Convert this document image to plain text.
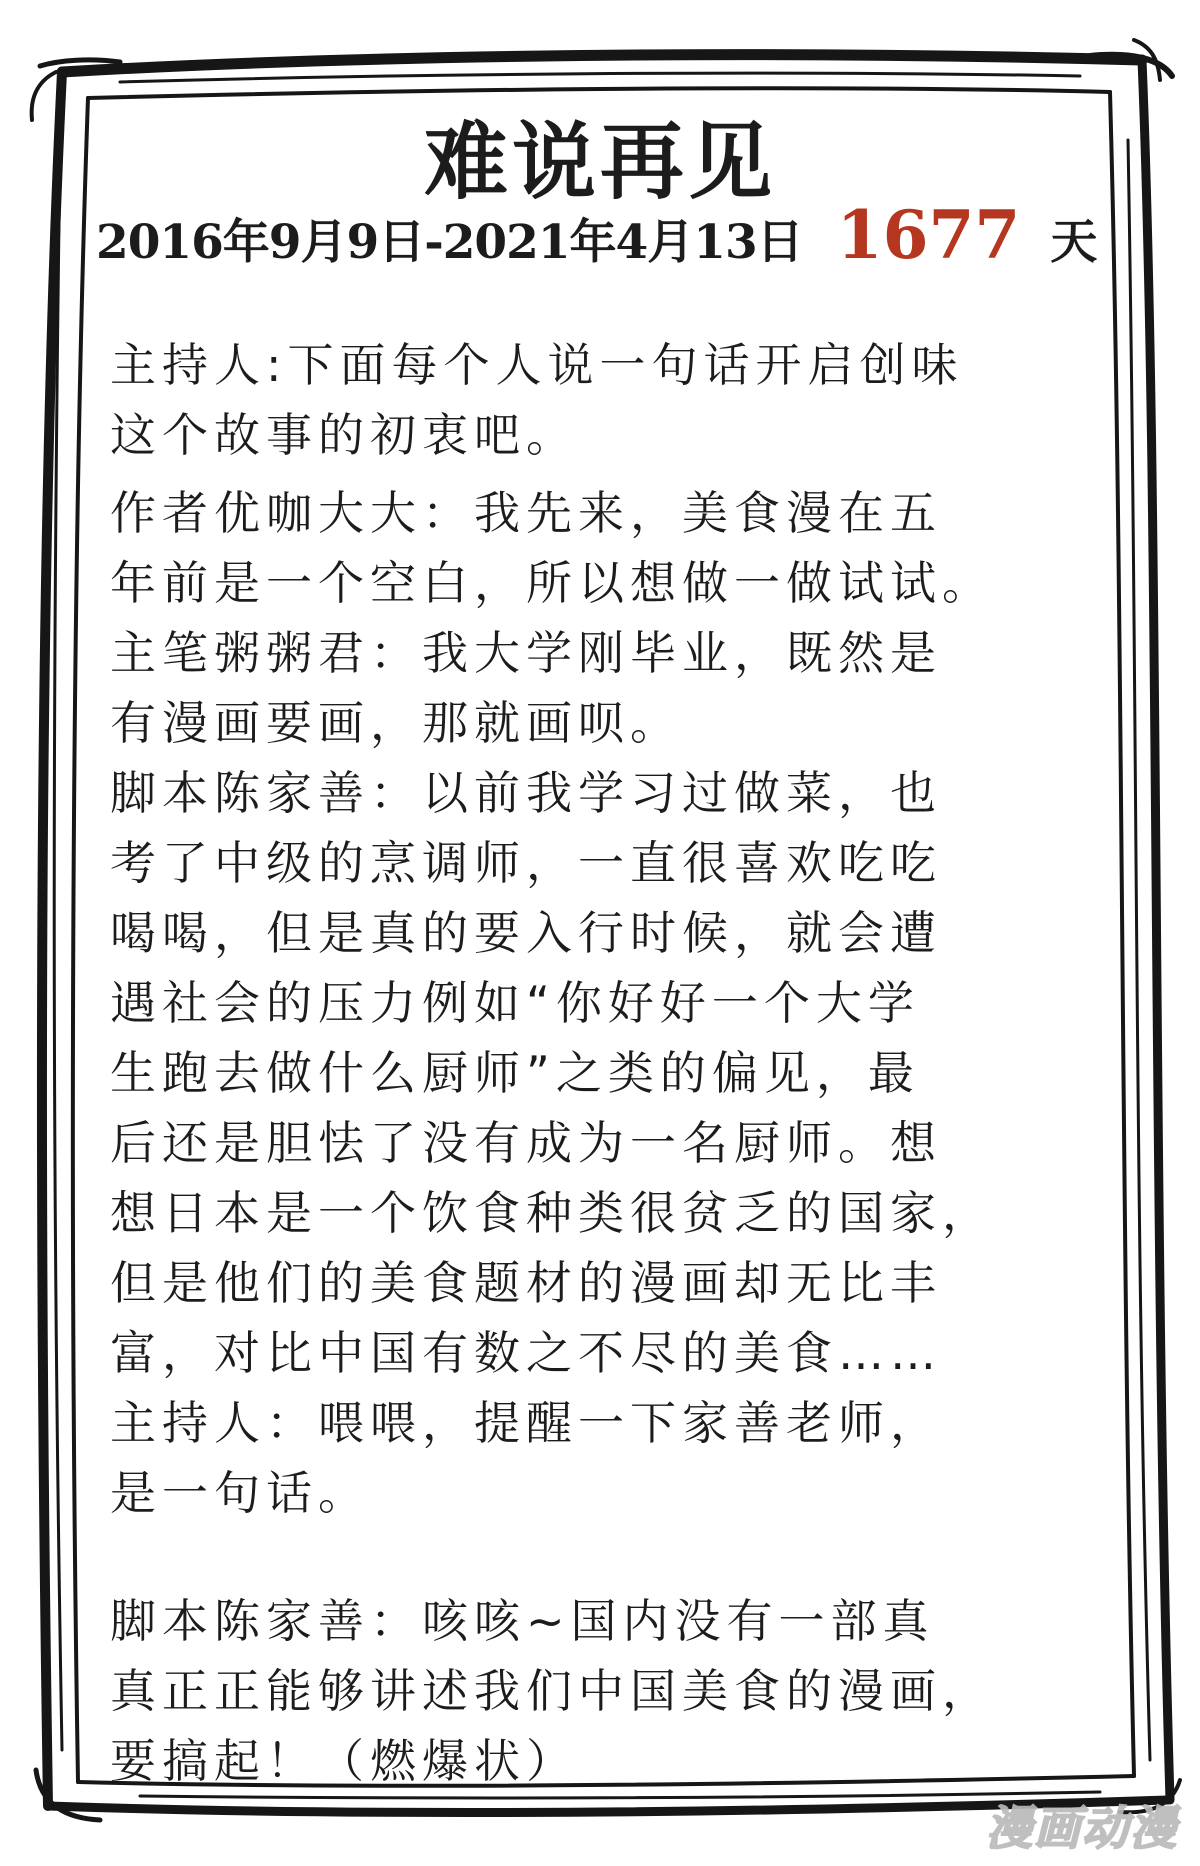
难说再见
2016年9月9日-2021年4月13日 1677 天

主持人:下面每个人说一句话开启创味
这个故事的初衷吧。

作者优咖大大：我先来，美食漫在五
年前是一个空白，所以想做一做试试。

主笔粥粥君：我大学刚毕业，既然是
有漫画要画，那就画呗。

脚本陈家善：以前我学习过做菜，也
考了中级的烹调师，一直很喜欢吃吃
喝喝，但是真的要入行时候，就会遭
遇社会的压力例如“你好好一个大学
生跑去做什么厨师”之类的偏见，最
后还是胆怯了没有成为一名厨师。想
想日本是一个饮食种类很贫乏的国家，
但是他们的美食题材的漫画却无比丰
富，对比中国有数之不尽的美食……

主持人：喂喂，提醒一下家善老师，
是一句话。

脚本陈家善：咳咳~国内没有一部真
真正正能够讲述我们中国美食的漫画，
要搞起！（燃爆状）

漫画动漫
